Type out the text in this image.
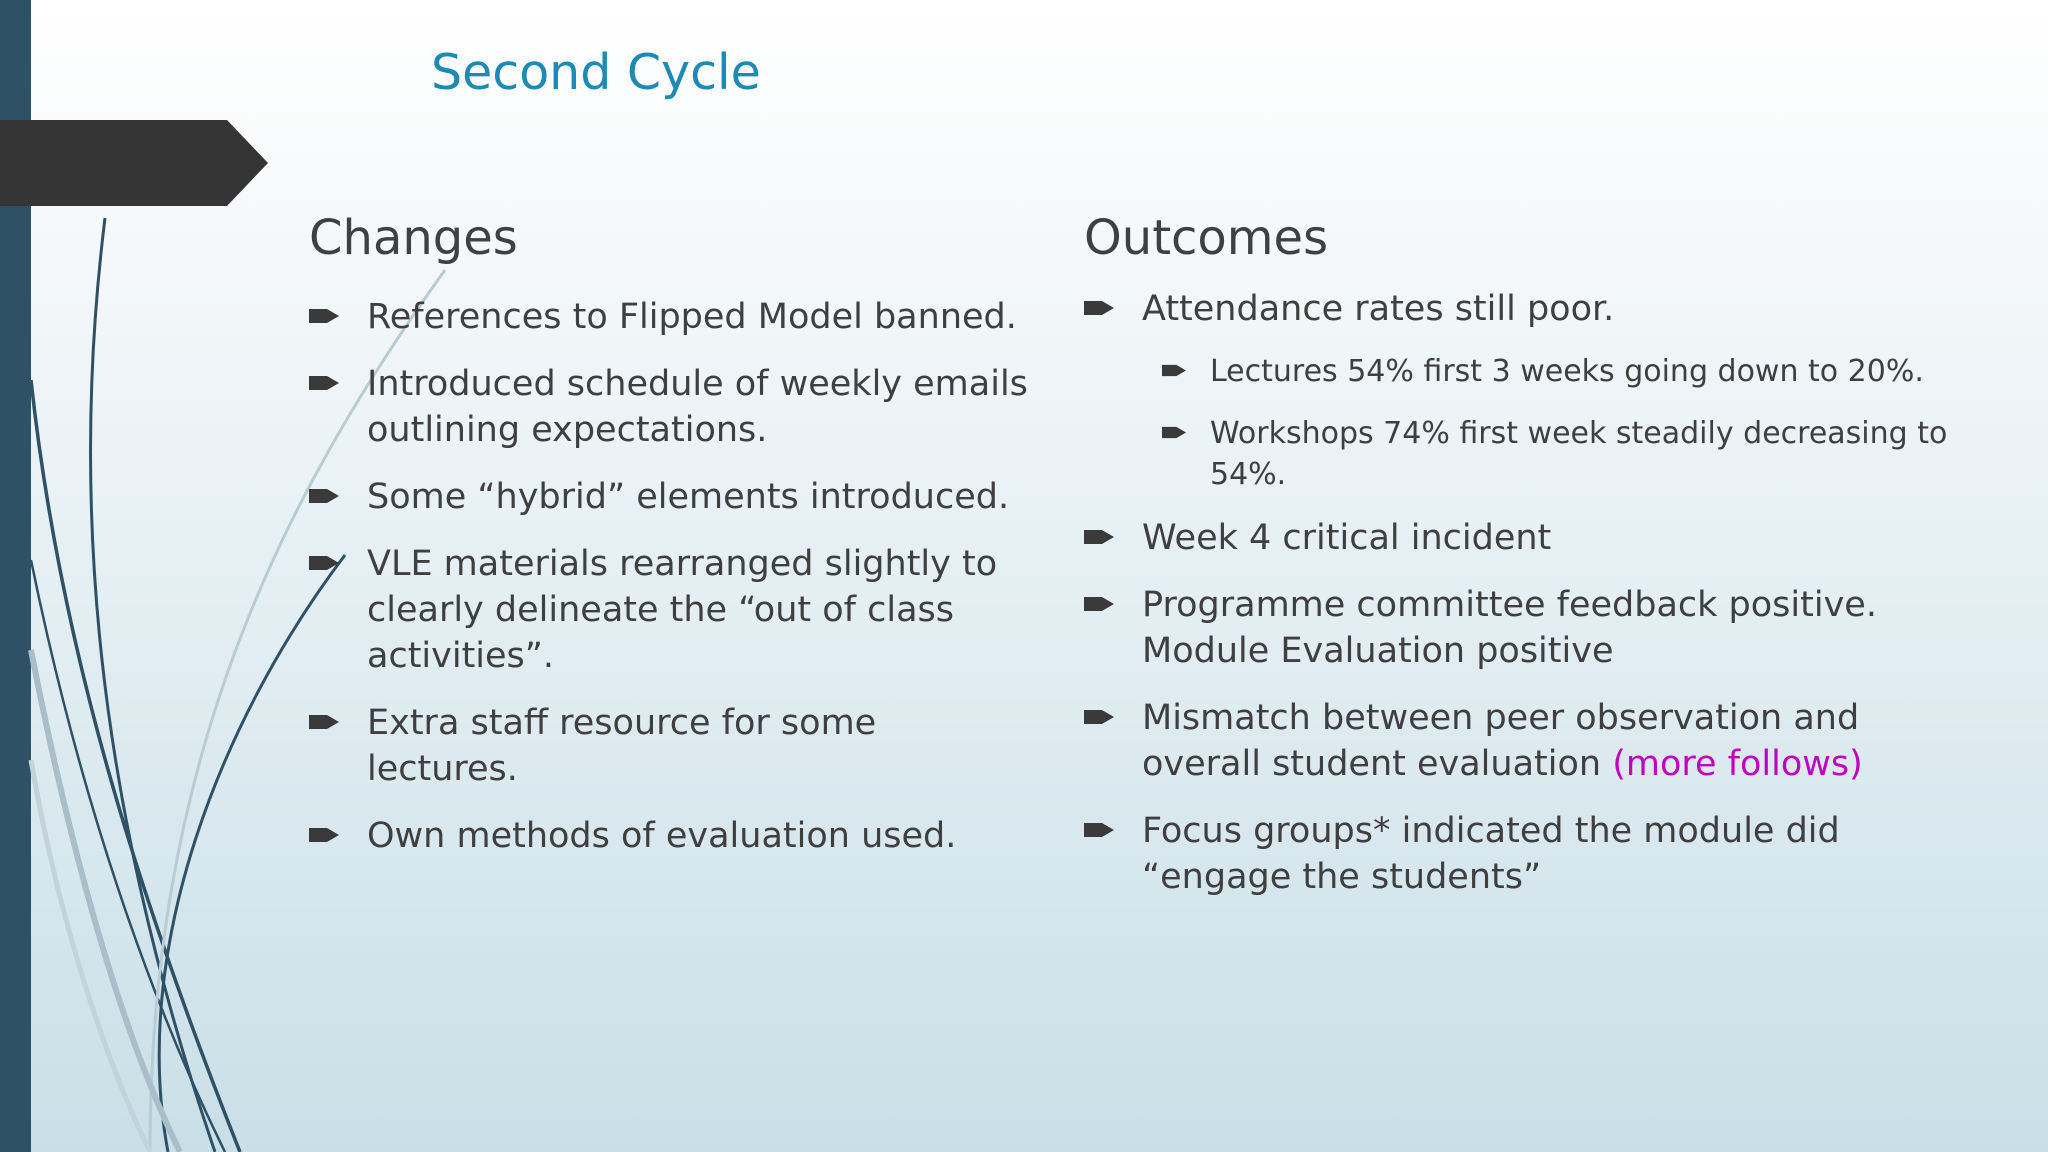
Second Cycle
Changes
References to Flipped Model banned.
Introduced schedule of weekly emails outlining expectations.
Some “hybrid” elements introduced.
VLE materials rearranged slightly to clearly delineate the “out of class activities”.
Extra staff resource for some lectures.
Own methods of evaluation used.
Outcomes
Attendance rates still poor.
Lectures 54% first 3 weeks going down to 20%.
Workshops 74% first week steadily decreasing to 54%.
Week 4 critical incident
Programme committee feedback positive. Module Evaluation positive
Mismatch between peer observation and overall student evaluation (more follows)
Focus groups* indicated the module did “engage the students”
